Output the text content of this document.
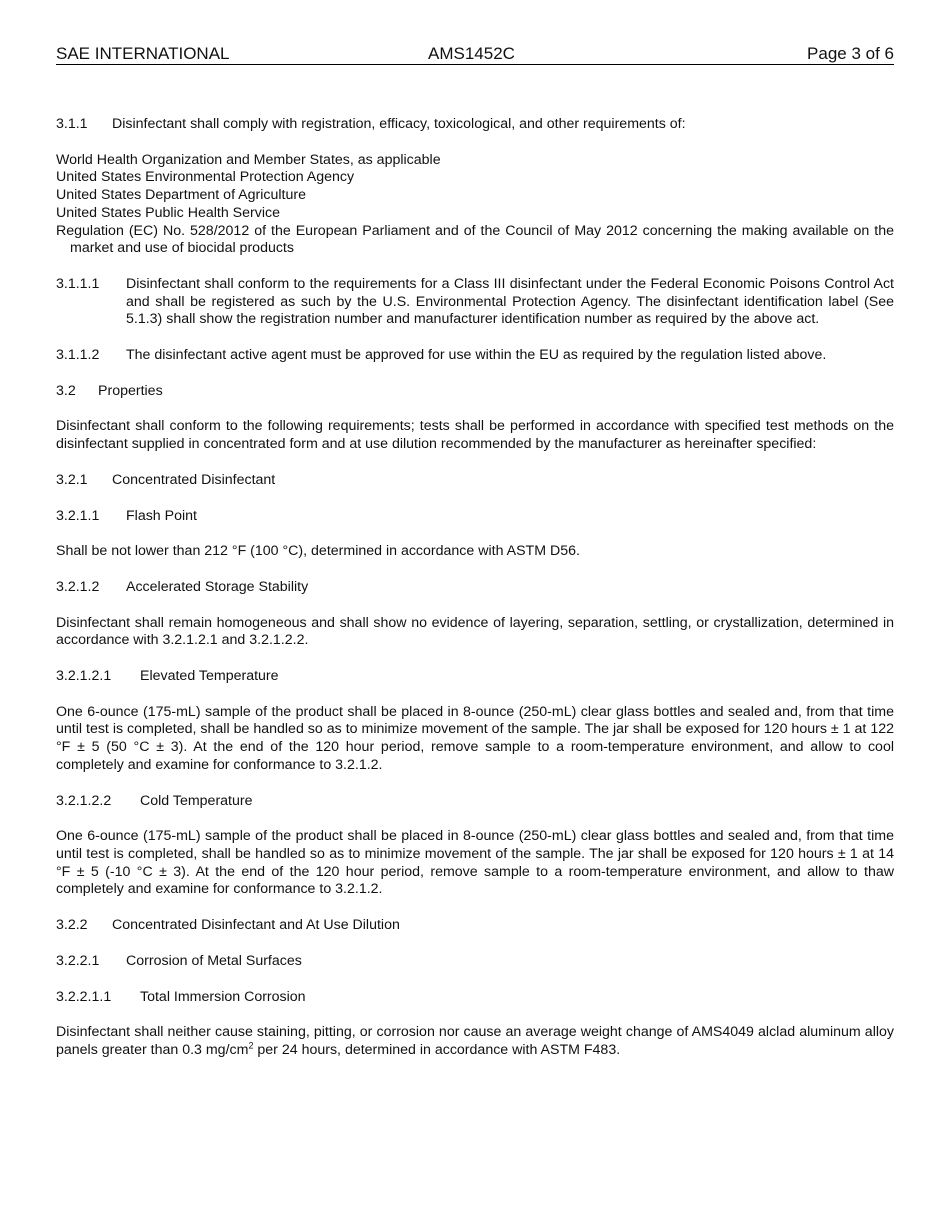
SAE INTERNATIONAL	AMS1452C	Page 3 of 6
3.1.1 Disinfectant shall comply with registration, efficacy, toxicological, and other requirements of:
World Health Organization and Member States, as applicable
United States Environmental Protection Agency
United States Department of Agriculture
United States Public Health Service
Regulation (EC) No. 528/2012 of the European Parliament and of the Council of May 2012 concerning the making available on the market and use of biocidal products
3.1.1.1	Disinfectant shall conform to the requirements for a Class III disinfectant under the Federal Economic Poisons Control Act and shall be registered as such by the U.S. Environmental Protection Agency. The disinfectant identification label (See 5.1.3) shall show the registration number and manufacturer identification number as required by the above act.
3.1.1.2	The disinfectant active agent must be approved for use within the EU as required by the regulation listed above.
3.2 Properties
Disinfectant shall conform to the following requirements; tests shall be performed in accordance with specified test methods on the disinfectant supplied in concentrated form and at use dilution recommended by the manufacturer as hereinafter specified:
3.2.1 Concentrated Disinfectant
3.2.1.1 Flash Point
Shall be not lower than 212 °F (100 °C), determined in accordance with ASTM D56.
3.2.1.2 Accelerated Storage Stability
Disinfectant shall remain homogeneous and shall show no evidence of layering, separation, settling, or crystallization, determined in accordance with 3.2.1.2.1 and 3.2.1.2.2.
3.2.1.2.1 Elevated Temperature
One 6-ounce (175-mL) sample of the product shall be placed in 8-ounce (250-mL) clear glass bottles and sealed and, from that time until test is completed, shall be handled so as to minimize movement of the sample. The jar shall be exposed for 120 hours ± 1 at 122 °F ± 5 (50 °C ± 3). At the end of the 120 hour period, remove sample to a room-temperature environment, and allow to cool completely and examine for conformance to 3.2.1.2.
3.2.1.2.2 Cold Temperature
One 6-ounce (175-mL) sample of the product shall be placed in 8-ounce (250-mL) clear glass bottles and sealed and, from that time until test is completed, shall be handled so as to minimize movement of the sample. The jar shall be exposed for 120 hours ± 1 at 14 °F ± 5 (-10 °C ± 3). At the end of the 120 hour period, remove sample to a room-temperature environment, and allow to thaw completely and examine for conformance to 3.2.1.2.
3.2.2 Concentrated Disinfectant and At Use Dilution
3.2.2.1 Corrosion of Metal Surfaces
3.2.2.1.1 Total Immersion Corrosion
Disinfectant shall neither cause staining, pitting, or corrosion nor cause an average weight change of AMS4049 alclad aluminum alloy panels greater than 0.3 $mg/cm^2$ per 24 hours, determined in accordance with ASTM F483.
